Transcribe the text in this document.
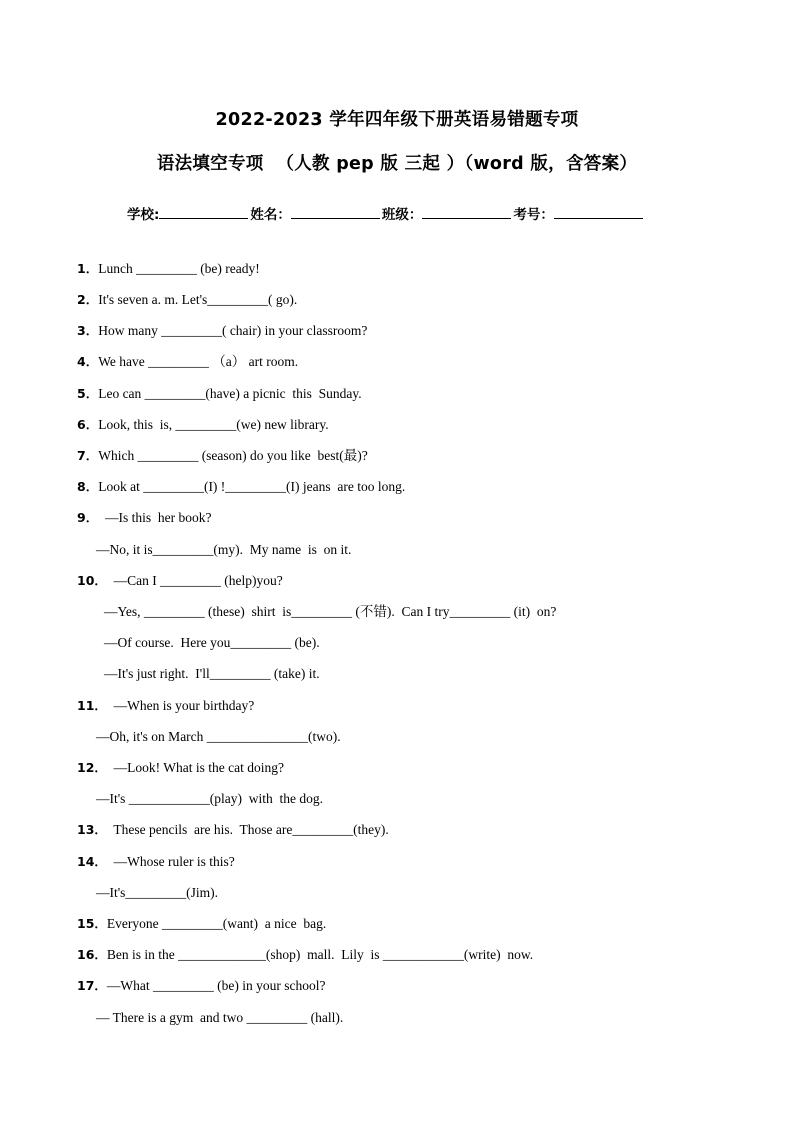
2022-2023 学年四年级下册英语易错题专项
语法填空专项  （人教 pep 版 三起 ）（word 版，含答案）
学校:	姓名：	班级：	考号：
1．Lunch _________ (be) ready!
2．It's seven a. m. Let's_________( go).
3．How many _________( chair) in your classroom?
4．We have _________ （a） art room.
5．Leo can _________(have) a picnic  this  Sunday.
6．Look, this  is, _________(we) new library.
7．Which _________ (season) do you like  best(最)?
8．Look at _________(I) !_________(I) jeans  are too long.
9．  —Is this  her book?
—No, it is_________(my).  My name  is  on it.
10．  —Can I _________ (help)you?
—Yes, _________ (these)  shirt  is_________ (不错).  Can I try_________ (it)  on?
—Of course.  Here you_________ (be).
—It's just right.  I'll_________ (take) it.
11．  —When is your birthday?
—Oh, it's on March _______________(two).
12．  —Look! What is the cat doing?
—It's ____________(play)  with  the dog.
13．  These pencils  are his.  Those are_________(they).
14．  —Whose ruler is this?
—It's_________(Jim).
15．Everyone _________(want)  a nice  bag.
16．Ben is in the _____________(shop)  mall.  Lily  is ____________(write)  now.
17．—What _________ (be) in your school?
— There is a gym  and two _________ (hall).
